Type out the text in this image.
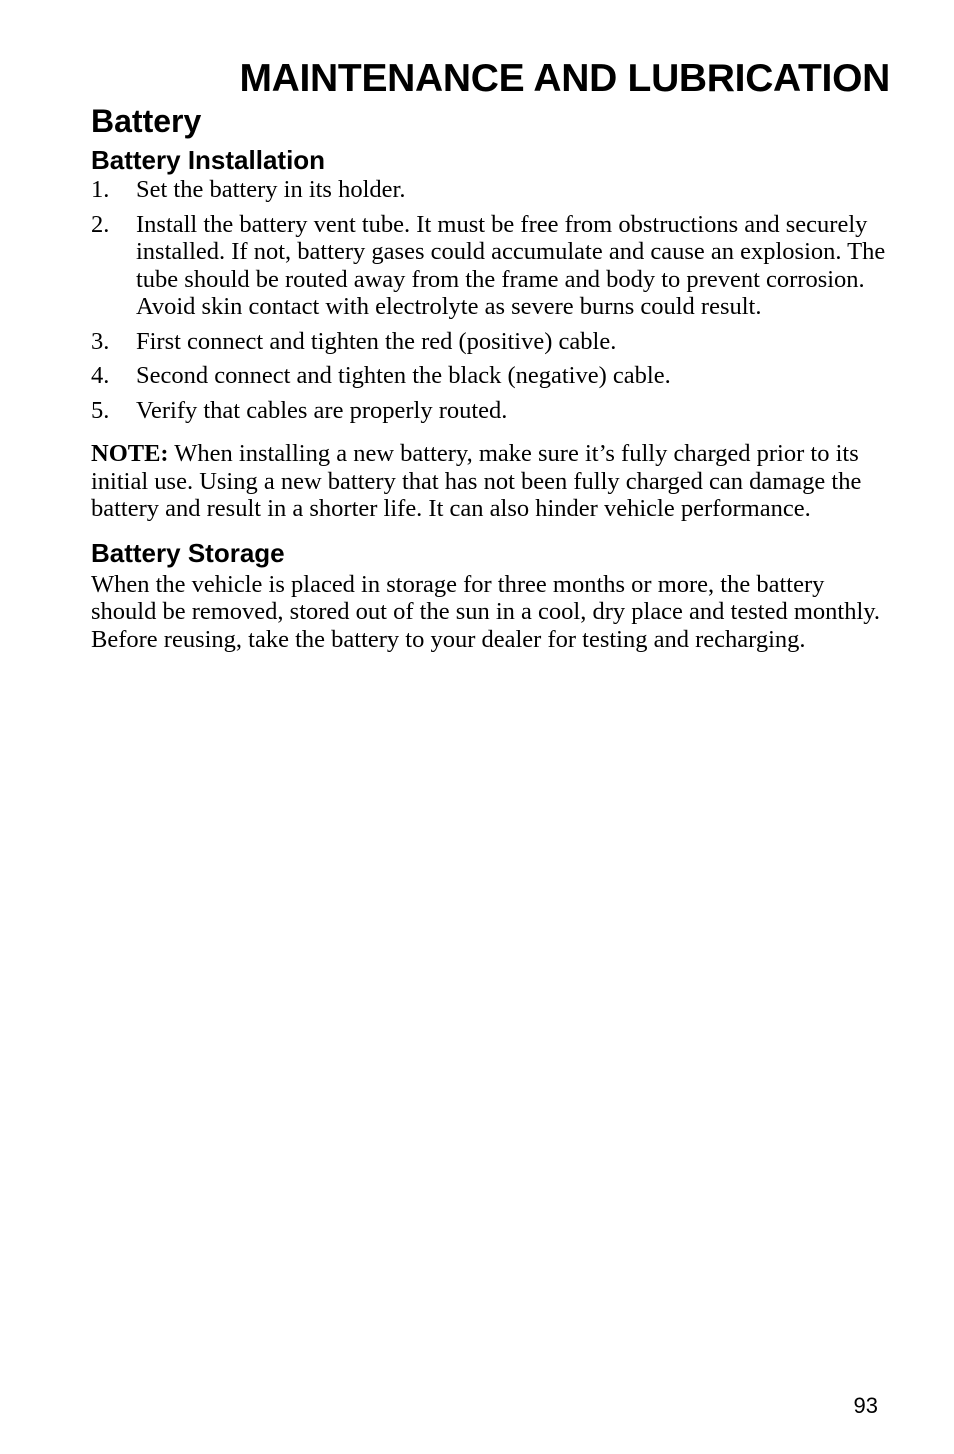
MAINTENANCE AND LUBRICATION
Battery
Battery Installation
1. Set the battery in its holder.
2. Install the battery vent tube. It must be free from obstructions and securely installed. If not, battery gases could accumulate and cause an explosion. The tube should be routed away from the frame and body to prevent corrosion. Avoid skin contact with electrolyte as severe burns could result.
3. First connect and tighten the red (positive) cable.
4. Second connect and tighten the black (negative) cable.
5. Verify that cables are properly routed.

NOTE: When installing a new battery, make sure it’s fully charged prior to its initial use. Using a new battery that has not been fully charged can damage the battery and result in a shorter life. It can also hinder vehicle performance.

Battery Storage

When the vehicle is placed in storage for three months or more, the battery should be removed, stored out of the sun in a cool, dry place and tested monthly. Before reusing, take the battery to your dealer for testing and recharging.

93
